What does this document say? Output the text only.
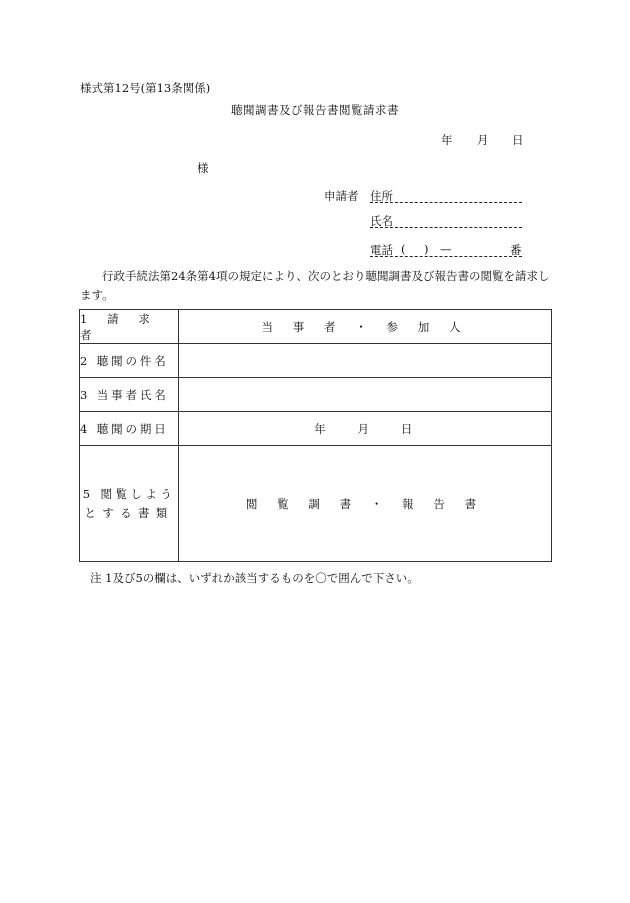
様式第12号(第13条関係)
聴聞調書及び報告書閲覧請求書
年 月 日
様
申請者 住所
氏名
電話 ( ) —	番
行政手続法第24条第4項の規定により、次のとおり聴聞調書及び報告書の閲覧を請求します。
1 請 求 者	当 事 者 ・ 参 加 人
2 聴聞の件名	
3 当事者氏名	
4 聴聞の期日	年    月    日

5 閲覧しよう
とする書類	閲 覧 調 書 ・ 報 告 書
注 1及び5の欄は、いずれか該当するものを〇で囲んで下さい。
